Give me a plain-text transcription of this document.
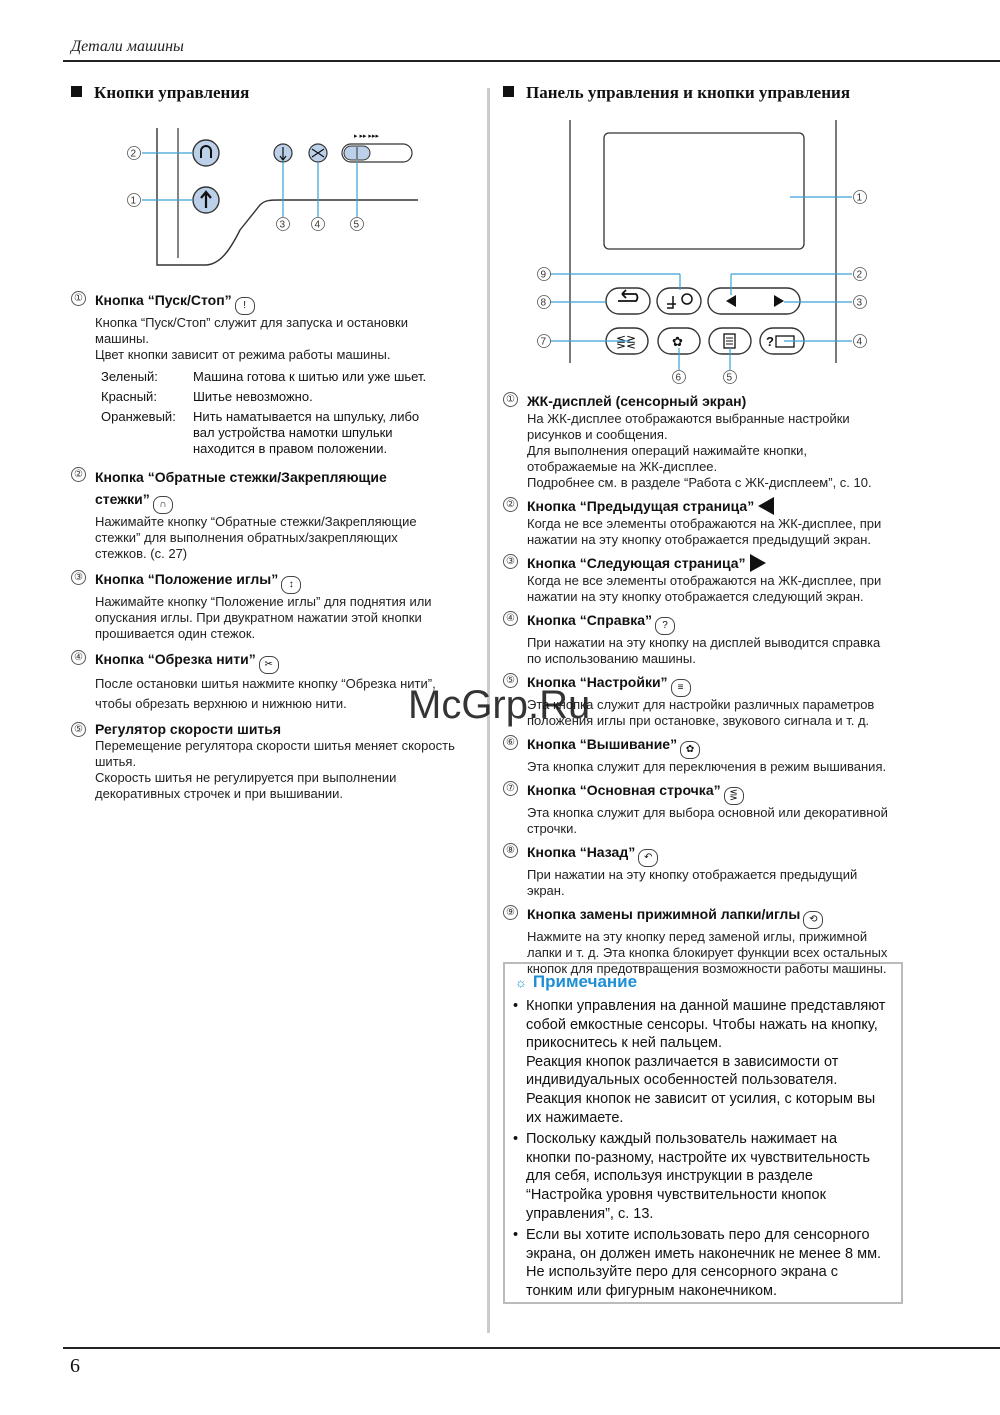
Детали машины
Кнопки управления
▸ ▸▸ ▸▸▸
2
1
3	4	5
① Кнопка “Пуск/Стоп” !
Кнопка “Пуск/Стоп” служит для запуска и остановки
машины.
Цвет кнопки зависит от режима работы машины.
Зеленый:	Машина готова к шитью или уже шьет.
Красный:	Шитье невозможно.
Оранжевый:	Нить наматывается на шпульку, либо вал устройства намотки шпульки находится в правом положении.
② Кнопка “Обратные стежки/Закрепляющие стежки” ∩
Нажимайте кнопку “Обратные стежки/Закрепляющие
стежки” для выполнения обратных/закрепляющих
стежков. (с. 27)
③ Кнопка “Положение иглы” ↕
Нажимайте кнопку “Положение иглы” для поднятия или
опускания иглы. При двукратном нажатии этой кнопки
прошивается один стежок.
④ Кнопка “Обрезка нити” ✂
После остановки шитья нажмите кнопку “Обрезка нити”,
чтобы обрезать верхнюю и нижнюю нити.
⑤ Регулятор скорости шитья
Перемещение регулятора скорости шитья меняет скорость
шитья.
Скорость шитья не регулируется при выполнении
декоративных строчек и при вышивании.
Панель управления и кнопки управления
⋚⋛	✿	?
1
2
3
4
5
6
7
8
9
① ЖК-дисплей (сенсорный экран)
На ЖК-дисплее отображаются выбранные настройки
рисунков и сообщения.
Для выполнения операций нажимайте кнопки,
отображаемые на ЖК-дисплее.
Подробнее см. в разделе “Работа с ЖК-дисплеем”, с. 10.
② Кнопка “Предыдущая страница”
Когда не все элементы отображаются на ЖК-дисплее, при
нажатии на эту кнопку отображается предыдущий экран.
③ Кнопка “Следующая страница”
Когда не все элементы отображаются на ЖК-дисплее, при
нажатии на эту кнопку отображается следующий экран.
④ Кнопка “Справка” ?
При нажатии на эту кнопку на дисплей выводится справка
по использованию машины.
⑤ Кнопка “Настройки” ≡
Эта кнопка служит для настройки различных параметров
положения иглы при остановке, звукового сигнала и т. д.
⑥ Кнопка “Вышивание” ✿
Эта кнопка служит для переключения в режим вышивания.
⑦ Кнопка “Основная строчка” ⋚
Эта кнопка служит для выбора основной или декоративной
строчки.
⑧ Кнопка “Назад” ↶
При нажатии на эту кнопку отображается предыдущий
экран.
⑨ Кнопка замены прижимной лапки/иглы ⟲
Нажмите на эту кнопку перед заменой иглы, прижимной
лапки и т. д. Эта кнопка блокирует функции всех остальных
кнопок для предотвращения возможности работы машины.
☼ Примечание
• Кнопки управления на данной машине представляют
собой емкостные сенсоры. Чтобы нажать на кнопку,
прикоснитесь к ней пальцем.
Реакция кнопок различается в зависимости от
индивидуальных особенностей пользователя.
Реакция кнопок не зависит от усилия, с которым вы
их нажимаете.
• Поскольку каждый пользователь нажимает на
кнопки по-разному, настройте их чувствительность
для себя, используя инструкции в разделе
“Настройка уровня чувствительности кнопок
управления”, с. 13.
• Если вы хотите использовать перо для сенсорного
экрана, он должен иметь наконечник не менее 8 мм.
Не используйте перо для сенсорного экрана с
тонким или фигурным наконечником.
McGrp.Ru
6
